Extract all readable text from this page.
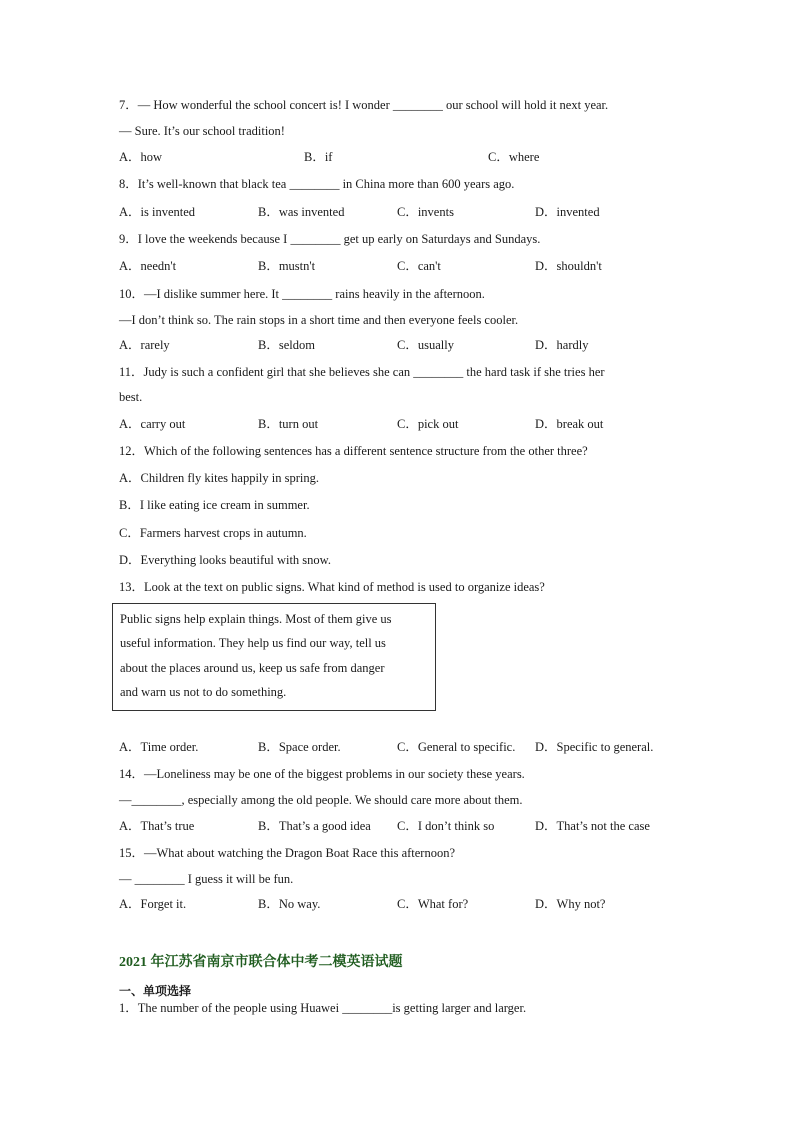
7．— How wonderful the school concert is! I wonder ________ our school will hold it next year.
— Sure. It’s our school tradition!
A．how	B．if	C．where
8．It’s well-known that black tea ________ in China more than 600 years ago.
A．is invented	B．was invented	C．invents	D．invented
9．I love the weekends because I ________ get up early on Saturdays and Sundays.
A．needn't	B．mustn't	C．can't	D．shouldn't
10．—I dislike summer here. It ________ rains heavily in the afternoon.
—I don’t think so. The rain stops in a short time and then everyone feels cooler.
A．rarely	B．seldom	C．usually	D．hardly
11．Judy is such a confident girl that she believes she can ________ the hard task if she tries her
best.
A．carry out	B．turn out	C．pick out	D．break out
12．Which of the following sentences has a different sentence structure from the other three?
A．Children fly kites happily in spring.
B．I like eating ice cream in summer.
C．Farmers harvest crops in autumn.
D．Everything looks beautiful with snow.
13．Look at the text on public signs. What kind of method is used to organize ideas?
Public signs help explain things. Most of them give us
useful information. They help us find our way, tell us
about the places around us, keep us safe from danger
and warn us not to do something.
A．Time order.	B．Space order.	C．General to specific. D．Specific to general.
14．—Loneliness may be one of the biggest problems in our society these years.
—________, especially among the old people. We should care more about them.
A．That’s true	B．That’s a good idea C．I don’t think so	D．That’s not the case
15．—What about watching the Dragon Boat Race this afternoon?
— ________ I guess it will be fun.
A．Forget it.	B．No way.	C．What for?	D．Why not?
2021 年江苏省南京市联合体中考二模英语试题
一、单项选择
1．The number of the people using Huawei ________is getting larger and larger.
